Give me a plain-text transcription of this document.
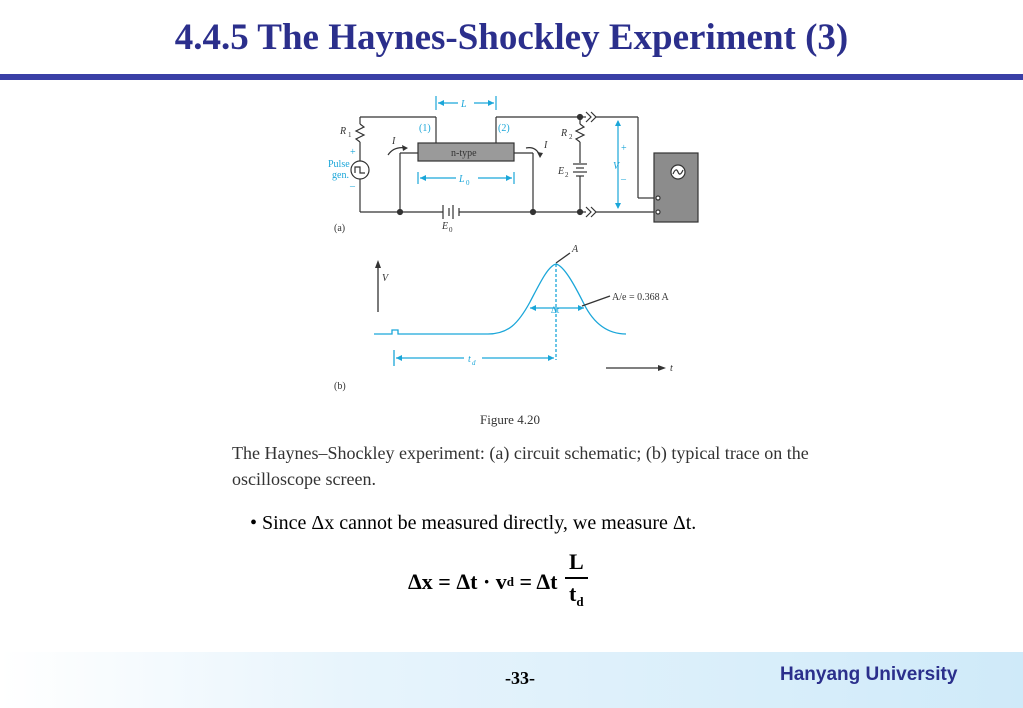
4.4.5 The Haynes-Shockley Experiment (3)
L
(1)	(2)
R 1	R 2
I	I
n-type
L 0
Pulse
gen.
+
–
E 0
E 2
V
+
–
(a)
V
t
A
A/e = 0.368 A
Δt
t d
(b)
Figure 4.20
The Haynes–Shockley experiment: (a) circuit schematic; (b) typical trace on the oscilloscope screen.
• Since Δx cannot be measured directly, we measure Δt.
Δx = Δt · v d = Δt $\frac{L}{t_d}$
-33-	Hanyang University
